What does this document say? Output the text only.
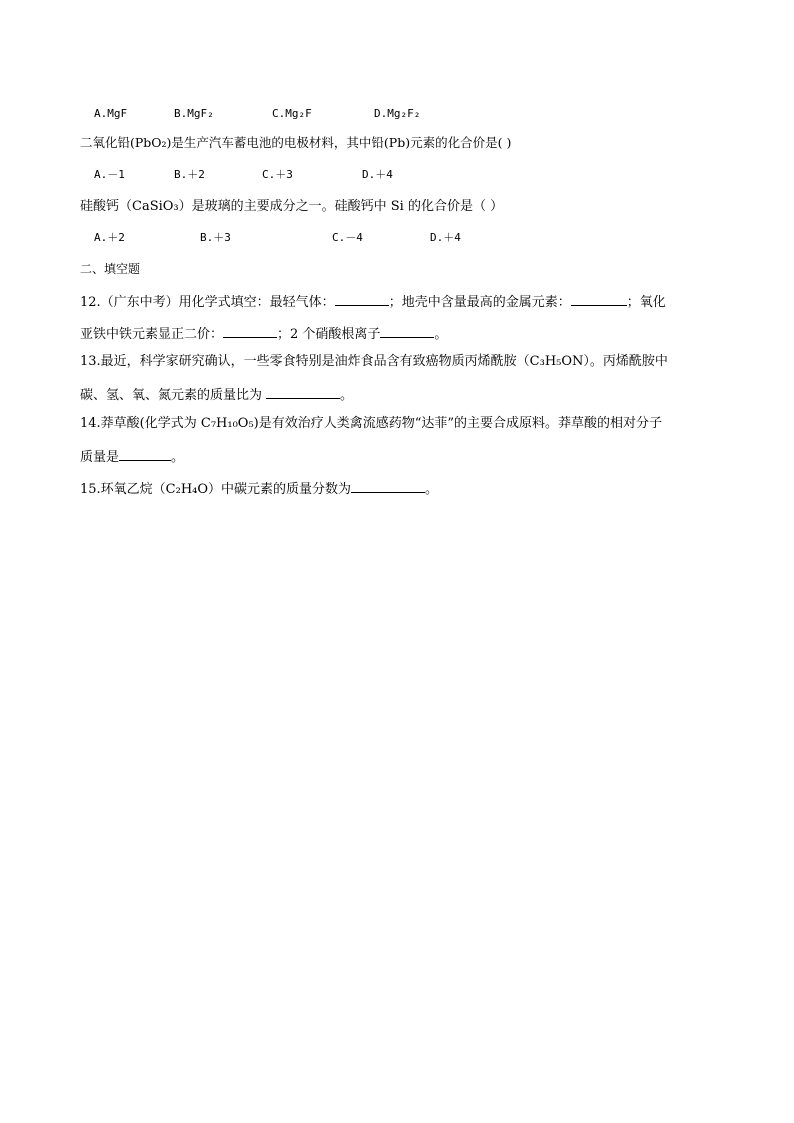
A.MgF	B.MgF₂	C.Mg₂F	D.Mg₂F₂
二氧化铅(PbO₂)是生产汽车蓄电池的电极材料，其中铅(Pb)元素的化合价是( )
A.－1	B.＋2	C.＋3	D.＋4
硅酸钙（CaSiO₃）是玻璃的主要成分之一。硅酸钙中 Si 的化合价是（ ）
A.＋2	B.＋3	C.－4	D.＋4
二、填空题
12.（广东中考）用化学式填空：最轻气体：	；地壳中含量最高的金属元素：	；氧化
亚铁中铁元素显正二价：	；2 个硝酸根离子	。
13.最近，科学家研究确认，一些零食特别是油炸食品含有致癌物质丙烯酰胺（C₃H₅ON）。丙烯酰胺中
碳、氢、氧、氮元素的质量比为	。
14.莽草酸(化学式为 C₇H₁₀O₅)是有效治疗人类禽流感药物“达菲”的主要合成原料。莽草酸的相对分子
质量是	。
15.环氧乙烷（C₂H₄O）中碳元素的质量分数为	。
